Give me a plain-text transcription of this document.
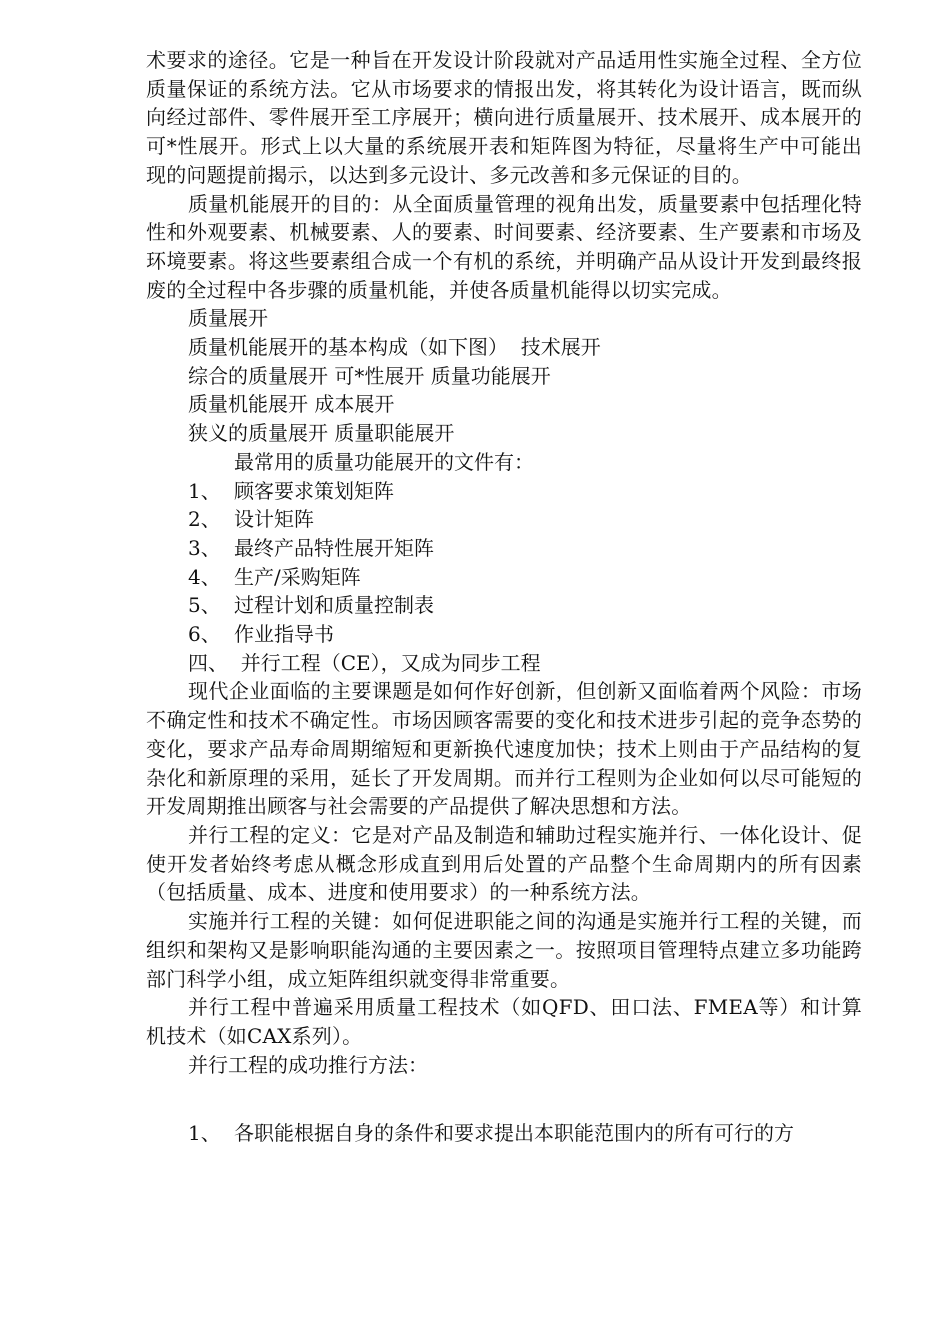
术要求的途径。它是一种旨在开发设计阶段就对产品适用性实施全过程、全方位质量保证的系统方法。它从市场要求的情报出发，将其转化为设计语言，既而纵向经过部件、零件展开至工序展开；横向进行质量展开、技术展开、成本展开的可*性展开。形式上以大量的系统展开表和矩阵图为特征，尽量将生产中可能出现的问题提前揭示，以达到多元设计、多元改善和多元保证的目的。

质量机能展开的目的：从全面质量管理的视角出发，质量要素中包括理化特性和外观要素、机械要素、人的要素、时间要素、经济要素、生产要素和市场及环境要素。将这些要素组合成一个有机的系统，并明确产品从设计开发到最终报废的全过程中各步骤的质量机能，并使各质量机能得以切实完成。

质量展开

质量机能展开的基本构成（如下图）  技术展开

综合的质量展开 可*性展开 质量功能展开

质量机能展开 成本展开

狭义的质量展开 质量职能展开

最常用的质量功能展开的文件有：

1、 顾客要求策划矩阵

2、 设计矩阵

3、 最终产品特性展开矩阵

4、 生产/采购矩阵

5、 过程计划和质量控制表

6、 作业指导书

四、  并行工程（CE），又成为同步工程

现代企业面临的主要课题是如何作好创新，但创新又面临着两个风险：市场不确定性和技术不确定性。市场因顾客需要的变化和技术进步引起的竞争态势的变化，要求产品寿命周期缩短和更新换代速度加快；技术上则由于产品结构的复杂化和新原理的采用，延长了开发周期。而并行工程则为企业如何以尽可能短的开发周期推出顾客与社会需要的产品提供了解决思想和方法。

并行工程的定义：它是对产品及制造和辅助过程实施并行、一体化设计、促使开发者始终考虑从概念形成直到用后处置的产品整个生命周期内的所有因素（包括质量、成本、进度和使用要求）的一种系统方法。

实施并行工程的关键：如何促进职能之间的沟通是实施并行工程的关键，而组织和架构又是影响职能沟通的主要因素之一。按照项目管理特点建立多功能跨部门科学小组，成立矩阵组织就变得非常重要。

并行工程中普遍采用质量工程技术（如QFD、田口法、FMEA等）和计算机技术（如CAX系列）。

并行工程的成功推行方法：

1、 各职能根据自身的条件和要求提出本职能范围内的所有可行的方
